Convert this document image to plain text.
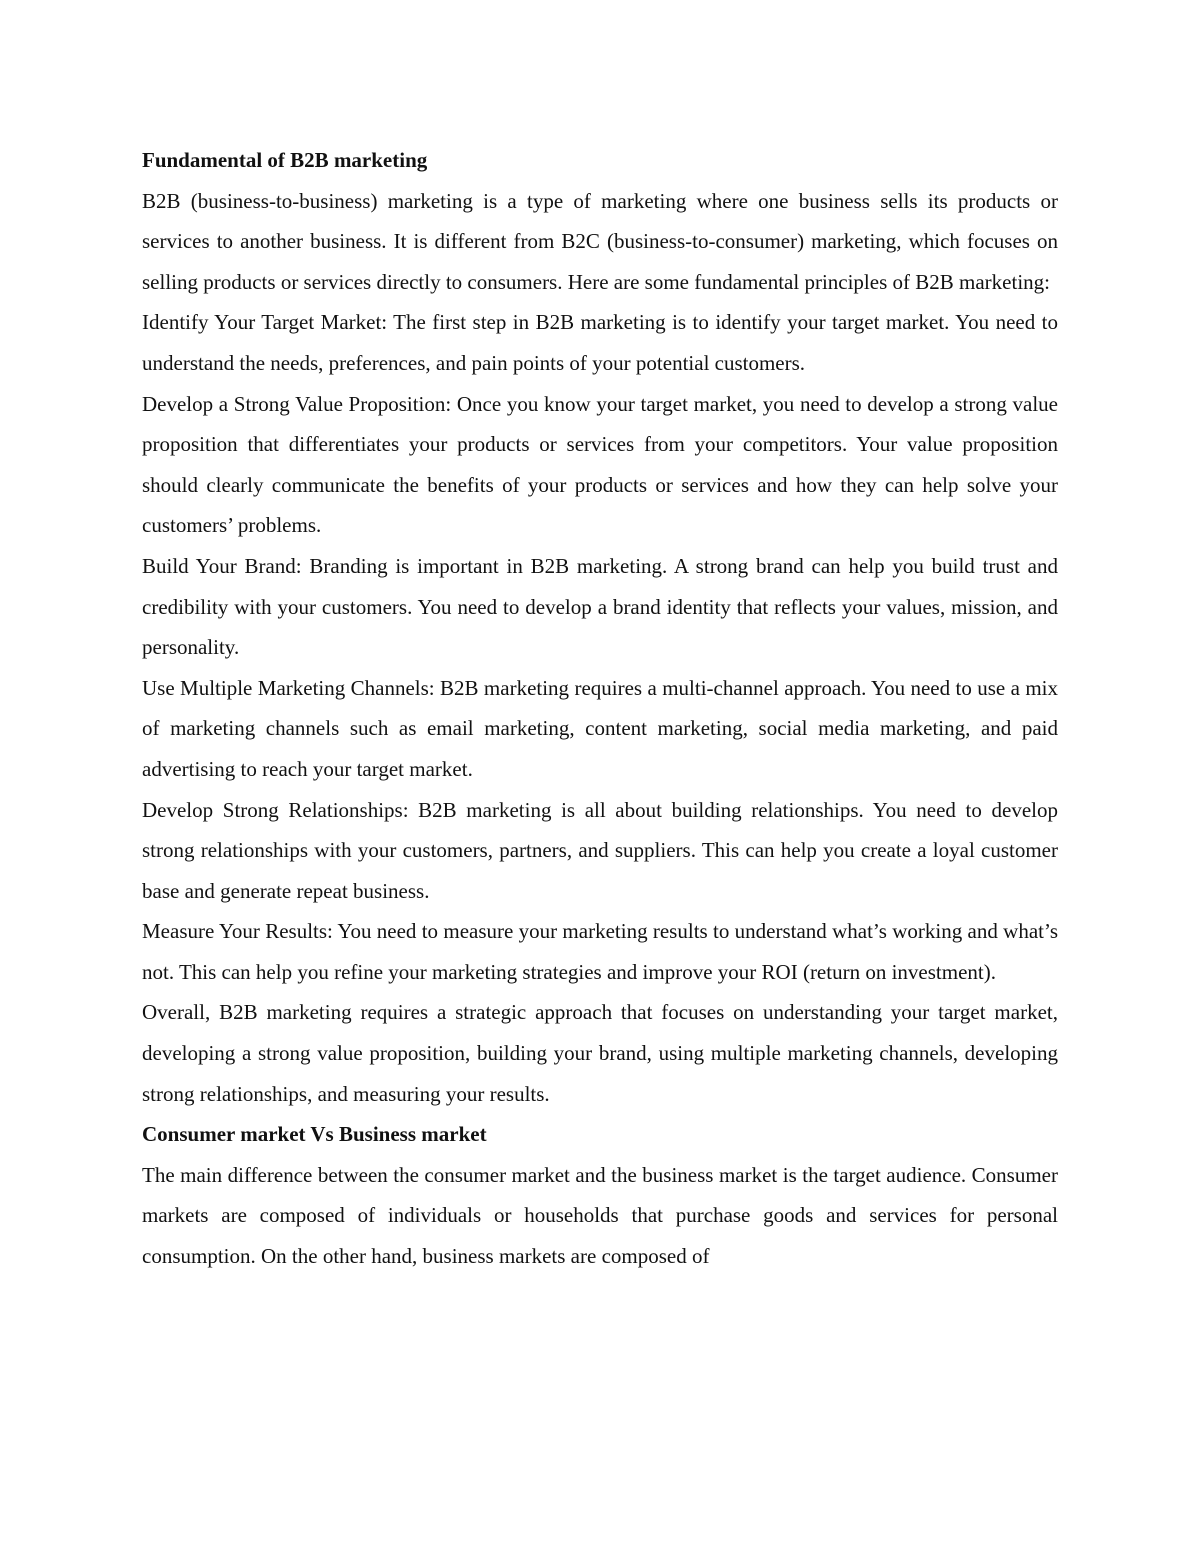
Fundamental of B2B marketing

B2B (business-to-business) marketing is a type of marketing where one business sells its products or services to another business. It is different from B2C (business-to-consumer) marketing, which focuses on selling products or services directly to consumers. Here are some fundamental principles of B2B marketing:

Identify Your Target Market: The first step in B2B marketing is to identify your target market. You need to understand the needs, preferences, and pain points of your potential customers.

Develop a Strong Value Proposition: Once you know your target market, you need to develop a strong value proposition that differentiates your products or services from your competitors. Your value proposition should clearly communicate the benefits of your products or services and how they can help solve your customers’ problems.

Build Your Brand: Branding is important in B2B marketing. A strong brand can help you build trust and credibility with your customers. You need to develop a brand identity that reflects your values, mission, and personality.

Use Multiple Marketing Channels: B2B marketing requires a multi-channel approach. You need to use a mix of marketing channels such as email marketing, content marketing, social media marketing, and paid advertising to reach your target market.

Develop Strong Relationships: B2B marketing is all about building relationships. You need to develop strong relationships with your customers, partners, and suppliers. This can help you create a loyal customer base and generate repeat business.

Measure Your Results: You need to measure your marketing results to understand what’s working and what’s not. This can help you refine your marketing strategies and improve your ROI (return on investment).

Overall, B2B marketing requires a strategic approach that focuses on understanding your target market, developing a strong value proposition, building your brand, using multiple marketing channels, developing strong relationships, and measuring your results.

Consumer market Vs Business market

The main difference between the consumer market and the business market is the target audience. Consumer markets are composed of individuals or households that purchase goods and services for personal consumption. On the other hand, business markets are composed of
